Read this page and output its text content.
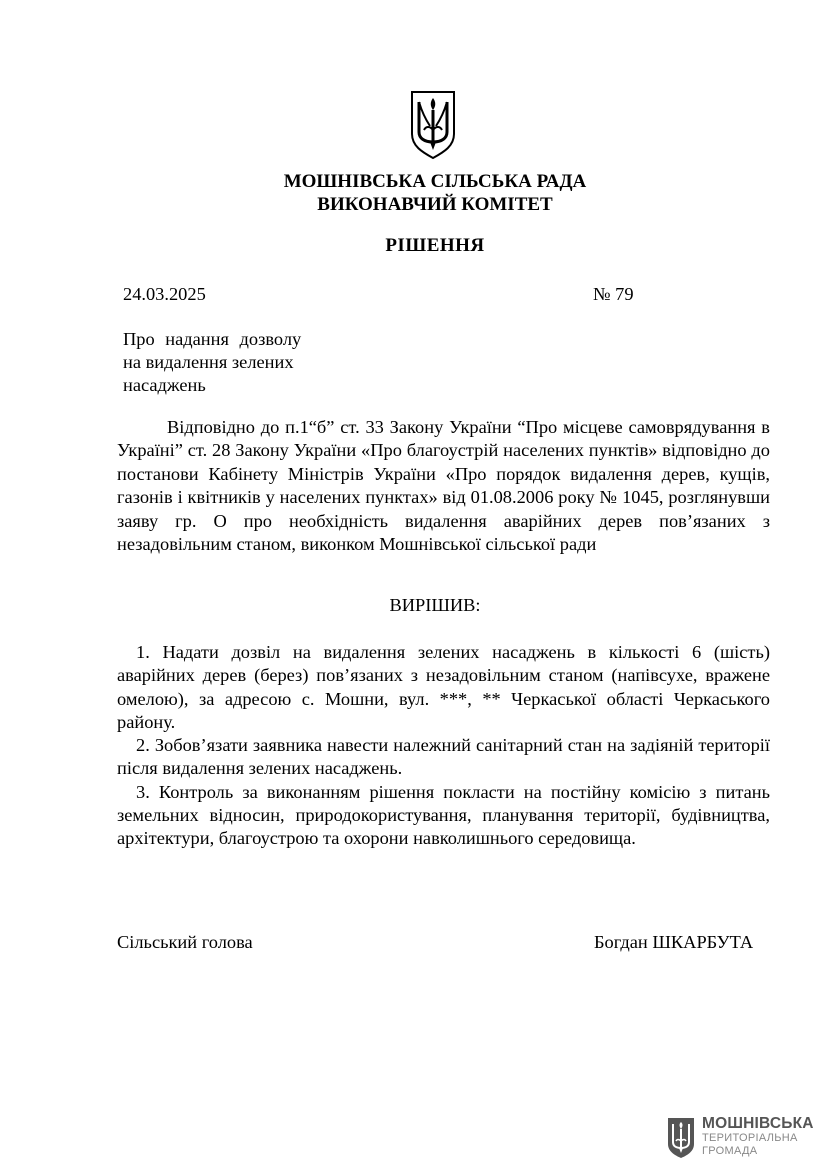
МОШНІВСЬКА СІЛЬСЬКА РАДА
ВИКОНАВЧИЙ КОМІТЕТ
РІШЕННЯ
24.03.2025	№ 79
Про надання дозволу
на видалення зелених
насаджень
Відповідно до п.1“б” ст. 33 Закону України “Про місцеве самоврядування в Україні” ст. 28 Закону України «Про благоустрій населених пунктів» відповідно до постанови Кабінету Міністрів України «Про порядок видалення дерев, кущів, газонів і квітників у населених пунктах» від 01.08.2006 року № 1045, розглянувши заяву гр. О про необхідність видалення аварійних дерев пов’язаних з незадовільним станом, виконком Мошнівської сільської ради
ВИРІШИВ:
1. Надати дозвіл на видалення зелених насаджень в кількості 6 (шість) аварійних дерев (берез) пов’язаних з незадовільним станом (напівсухе, вражене омелою), за адресою с. Мошни, вул. ***, ** Черкаської області Черкаського району.
2. Зобов’язати заявника навести належний санітарний стан на задіяній території після видалення зелених насаджень.
3. Контроль за виконанням рішення покласти на постійну комісію з питань земельних відносин, природокористування, планування території, будівництва, архітектури, благоустрою та охорони навколишнього середовища.
Сільський голова	Богдан ШКАРБУТА
МОШНІВСЬКА
ТЕРИТОРІАЛЬНА
ГРОМАДА
